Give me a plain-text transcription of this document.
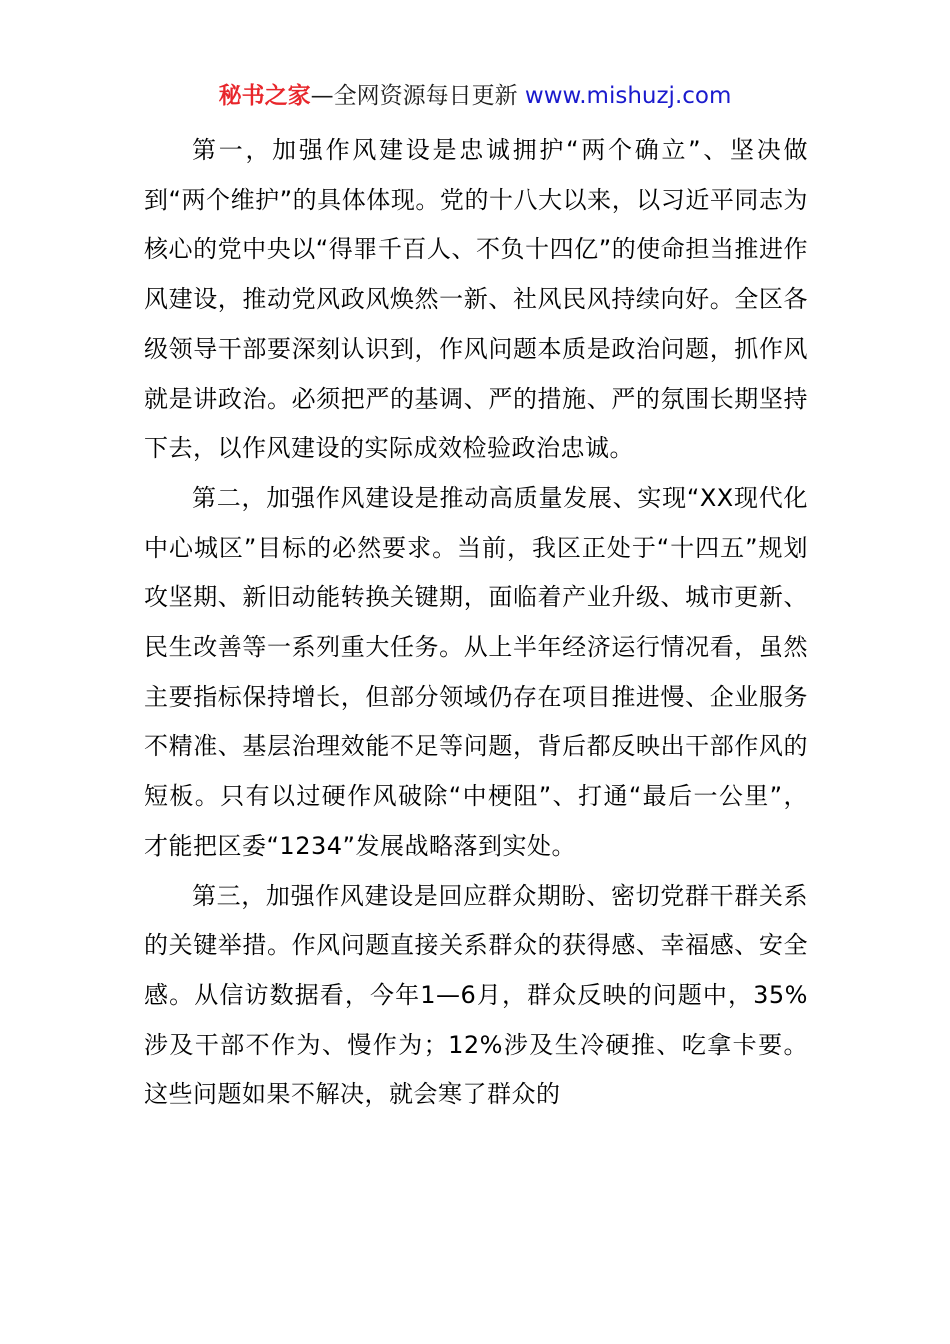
秘书之家—全网资源每日更新 www.mishuzj.com

第一，加强作风建设是忠诚拥护“两个确立”、坚决做到“两个维护”的具体体现。党的十八大以来，以习近平同志为核心的党中央以“得罪千百人、不负十四亿”的使命担当推进作风建设，推动党风政风焕然一新、社风民风持续向好。全区各级领导干部要深刻认识到，作风问题本质是政治问题，抓作风就是讲政治。必须把严的基调、严的措施、严的氛围长期坚持下去，以作风建设的实际成效检验政治忠诚。

第二，加强作风建设是推动高质量发展、实现“XX现代化中心城区”目标的必然要求。当前，我区正处于“十四五”规划攻坚期、新旧动能转换关键期，面临着产业升级、城市更新、民生改善等一系列重大任务。从上半年经济运行情况看，虽然主要指标保持增长，但部分领域仍存在项目推进慢、企业服务不精准、基层治理效能不足等问题，背后都反映出干部作风的短板。只有以过硬作风破除“中梗阻”、打通“最后一公里”，才能把区委“1234”发展战略落到实处。

第三，加强作风建设是回应群众期盼、密切党群干群关系的关键举措。作风问题直接关系群众的获得感、幸福感、安全感。从信访数据看，今年1—6月，群众反映的问题中，35%涉及干部不作为、慢作为；12%涉及生冷硬推、吃拿卡要。这些问题如果不解决，就会寒了群众的
